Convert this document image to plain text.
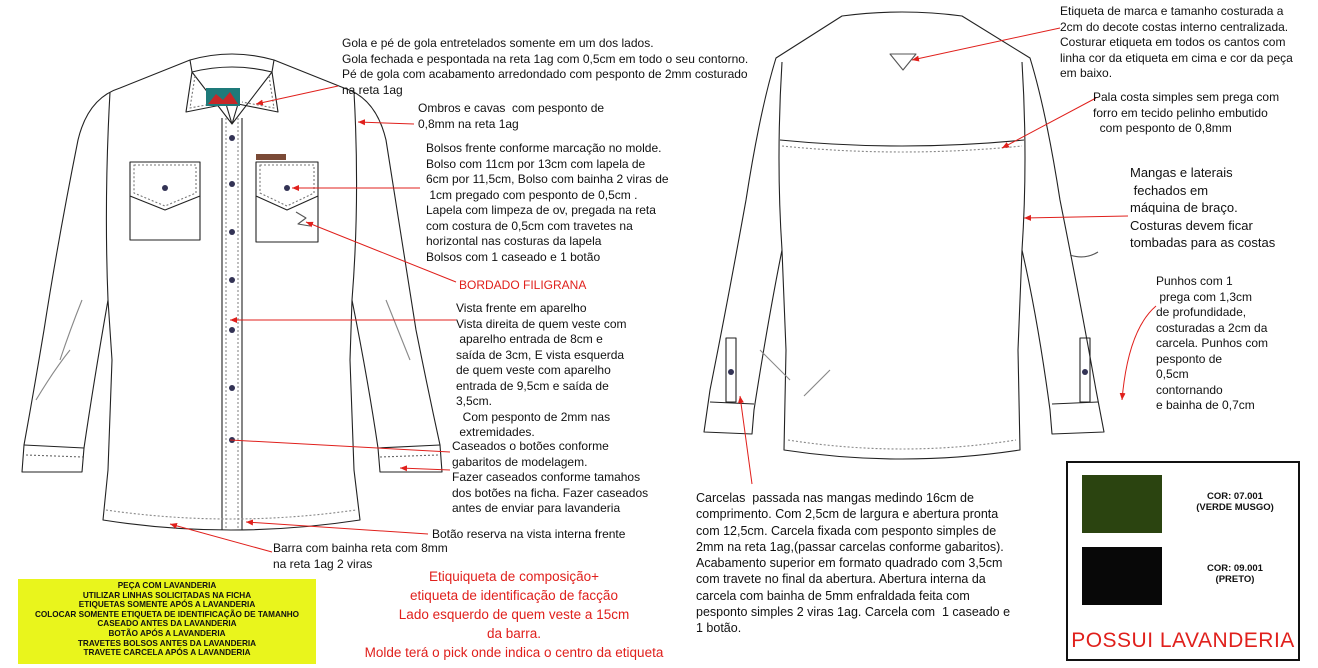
Gola e pé de gola entretelados somente em um dos lados.
Gola fechada e pespontada na reta 1ag com 0,5cm em todo o seu contorno.
Pé de gola com acabamento arredondado com pesponto de 2mm costurado
na reta 1ag
Ombros e cavas  com pesponto de
0,8mm na reta 1ag
Bolsos frente conforme marcação no molde.
Bolso com 11cm por 13cm com lapela de
6cm por 11,5cm, Bolso com bainha 2 viras de
1cm pregado com pesponto de 0,5cm .
Lapela com limpeza de ov, pregada na reta
com costura de 0,5cm com travetes na
horizontal nas costuras da lapela
Bolsos com 1 caseado e 1 botão
BORDADO FILIGRANA
Vista frente em aparelho
Vista direita de quem veste com
aparelho entrada de 8cm e
saída de 3cm, E vista esquerda
de quem veste com aparelho
entrada de 9,5cm e saída de
3,5cm.
Com pesponto de 2mm nas
extremidades.
Caseados o botões conforme
gabaritos de modelagem.
Fazer caseados conforme tamahos
dos botões na ficha. Fazer caseados
antes de enviar para lavanderia
Botão reserva na vista interna frente
Barra com bainha reta com 8mm
na reta 1ag 2 viras
Etiqueta de marca e tamanho costurada a
2cm do decote costas interno centralizada.
Costurar etiqueta em todos os cantos com
linha cor da etiqueta em cima e cor da peça
em baixo.
Pala costa simples sem prega com
forro em tecido pelinho embutido
com pesponto de 0,8mm
Mangas e laterais
fechados em
máquina de braço.
Costuras devem ficar
tombadas para as costas
Punhos com 1
prega com 1,3cm
de profundidade,
costuradas a 2cm da
carcela. Punhos com
pesponto de
0,5cm
contornando
e bainha de 0,7cm
Carcelas  passada nas mangas medindo 16cm de
comprimento. Com 2,5cm de largura e abertura pronta
com 12,5cm. Carcela fixada com pesponto simples de
2mm na reta 1ag,(passar carcelas conforme gabaritos).
Acabamento superior em formato quadrado com 3,5cm
com travete no final da abertura. Abertura interna da
carcela com bainha de 5mm enfraldada feita com
pesponto simples 2 viras 1ag. Carcela com  1 caseado e
1 botão.
Etiquiqueta de composição+
etiqueta de identificação de facção
Lado esquerdo de quem veste a 15cm
da barra.
Molde terá o pick onde indica o centro da etiqueta
PEÇA COM LAVANDERIA
UTILIZAR LINHAS SOLICITADAS NA FICHA
ETIQUETAS SOMENTE APÓS A LAVANDERIA
COLOCAR SOMENTE ETIQUETA DE IDENTIFICAÇÃO DE TAMANHO
CASEADO ANTES DA LAVANDERIA
BOTÃO APÓS A LAVANDERIA
TRAVETES BOLSOS ANTES DA LAVANDERIA
TRAVETE CARCELA APÓS A LAVANDERIA
COR: 07.001
(VERDE MUSGO)
COR: 09.001
(PRETO)
POSSUI LAVANDERIA
